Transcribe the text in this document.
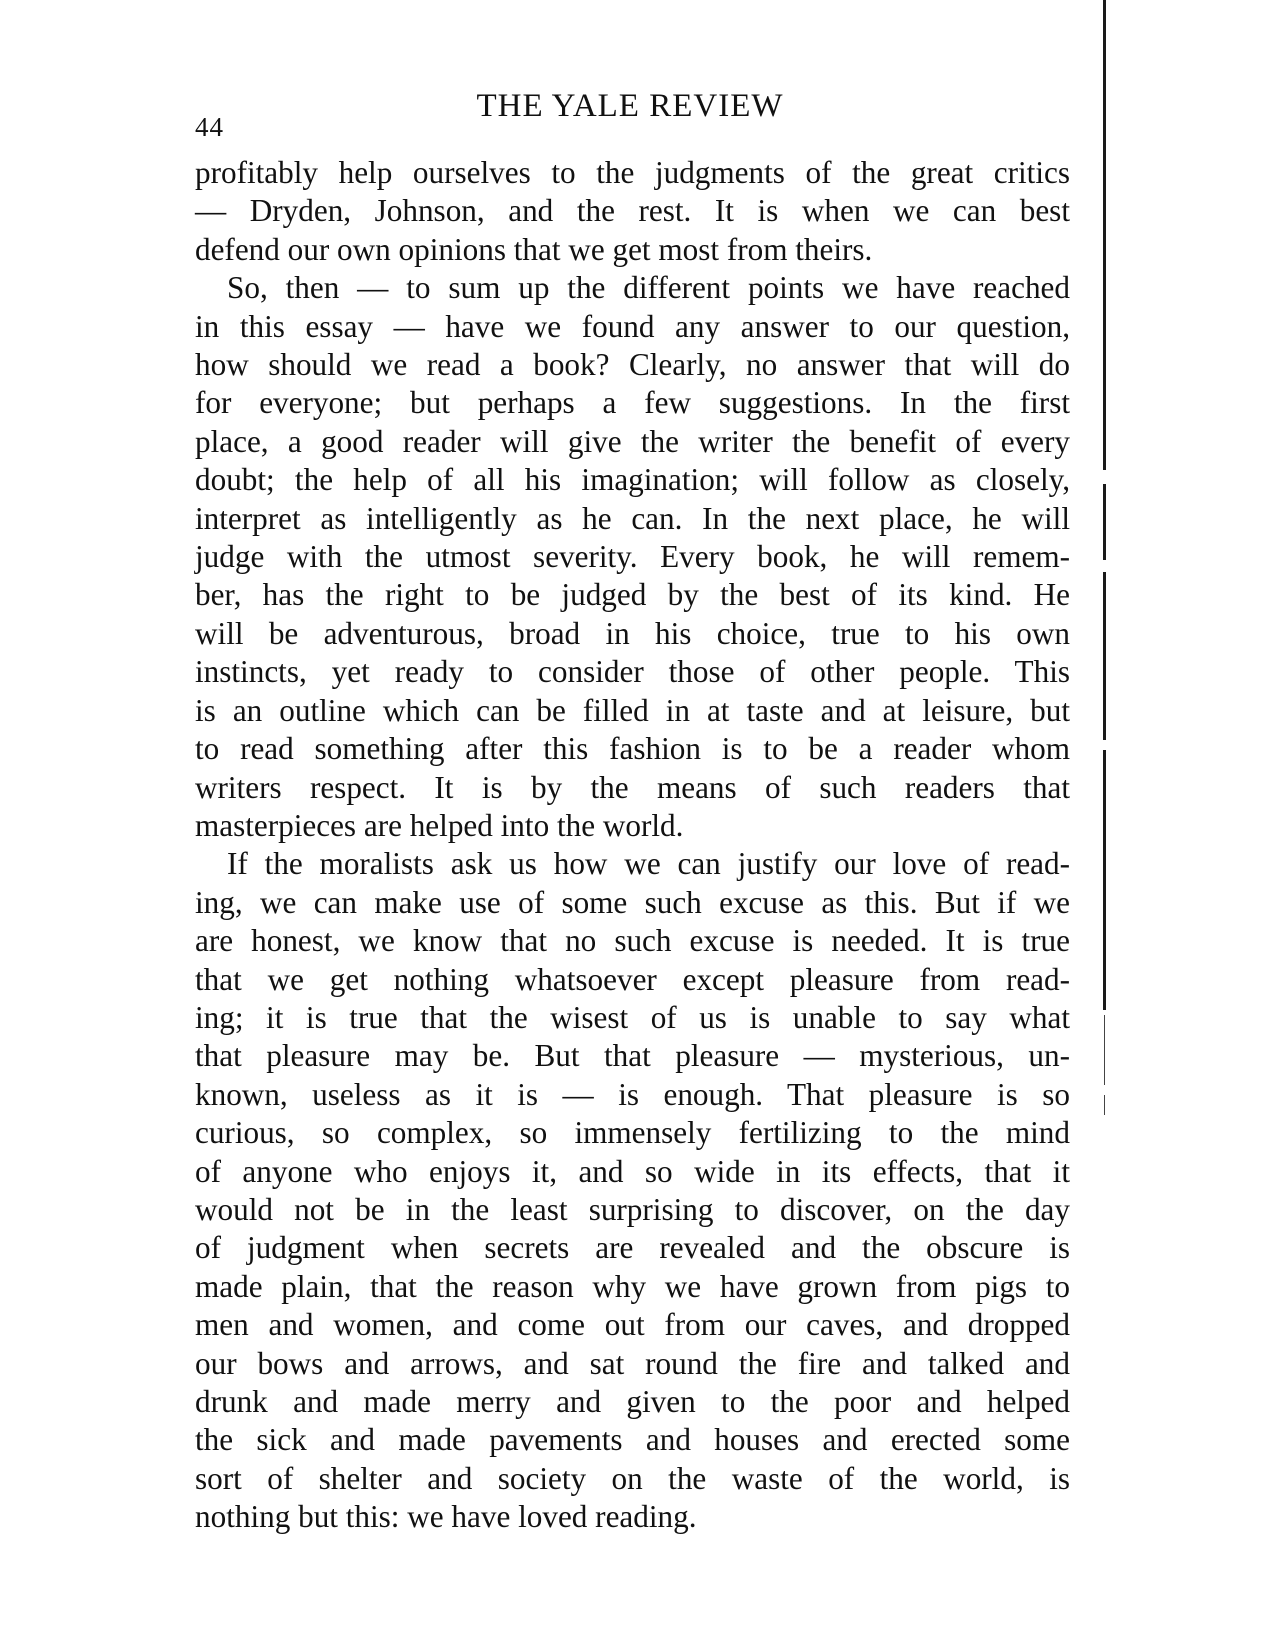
44
THE YALE REVIEW

profitably help ourselves to the judgments of the great critics
— Dryden, Johnson, and the rest. It is when we can best
defend our own opinions that we get most from theirs.

So, then — to sum up the different points we have reached
in this essay — have we found any answer to our question,
how should we read a book? Clearly, no answer that will do
for everyone; but perhaps a few suggestions. In the first
place, a good reader will give the writer the benefit of every
doubt; the help of all his imagination; will follow as closely,
interpret as intelligently as he can. In the next place, he will
judge with the utmost severity. Every book, he will remem-
ber, has the right to be judged by the best of its kind. He
will be adventurous, broad in his choice, true to his own
instincts, yet ready to consider those of other people. This
is an outline which can be filled in at taste and at leisure, but
to read something after this fashion is to be a reader whom
writers respect. It is by the means of such readers that
masterpieces are helped into the world.

If the moralists ask us how we can justify our love of read-
ing, we can make use of some such excuse as this. But if we
are honest, we know that no such excuse is needed. It is true
that we get nothing whatsoever except pleasure from read-
ing; it is true that the wisest of us is unable to say what
that pleasure may be. But that pleasure — mysterious, un-
known, useless as it is — is enough. That pleasure is so
curious, so complex, so immensely fertilizing to the mind
of anyone who enjoys it, and so wide in its effects, that it
would not be in the least surprising to discover, on the day
of judgment when secrets are revealed and the obscure is
made plain, that the reason why we have grown from pigs to
men and women, and come out from our caves, and dropped
our bows and arrows, and sat round the fire and talked and
drunk and made merry and given to the poor and helped
the sick and made pavements and houses and erected some
sort of shelter and society on the waste of the world, is
nothing but this: we have loved reading.
